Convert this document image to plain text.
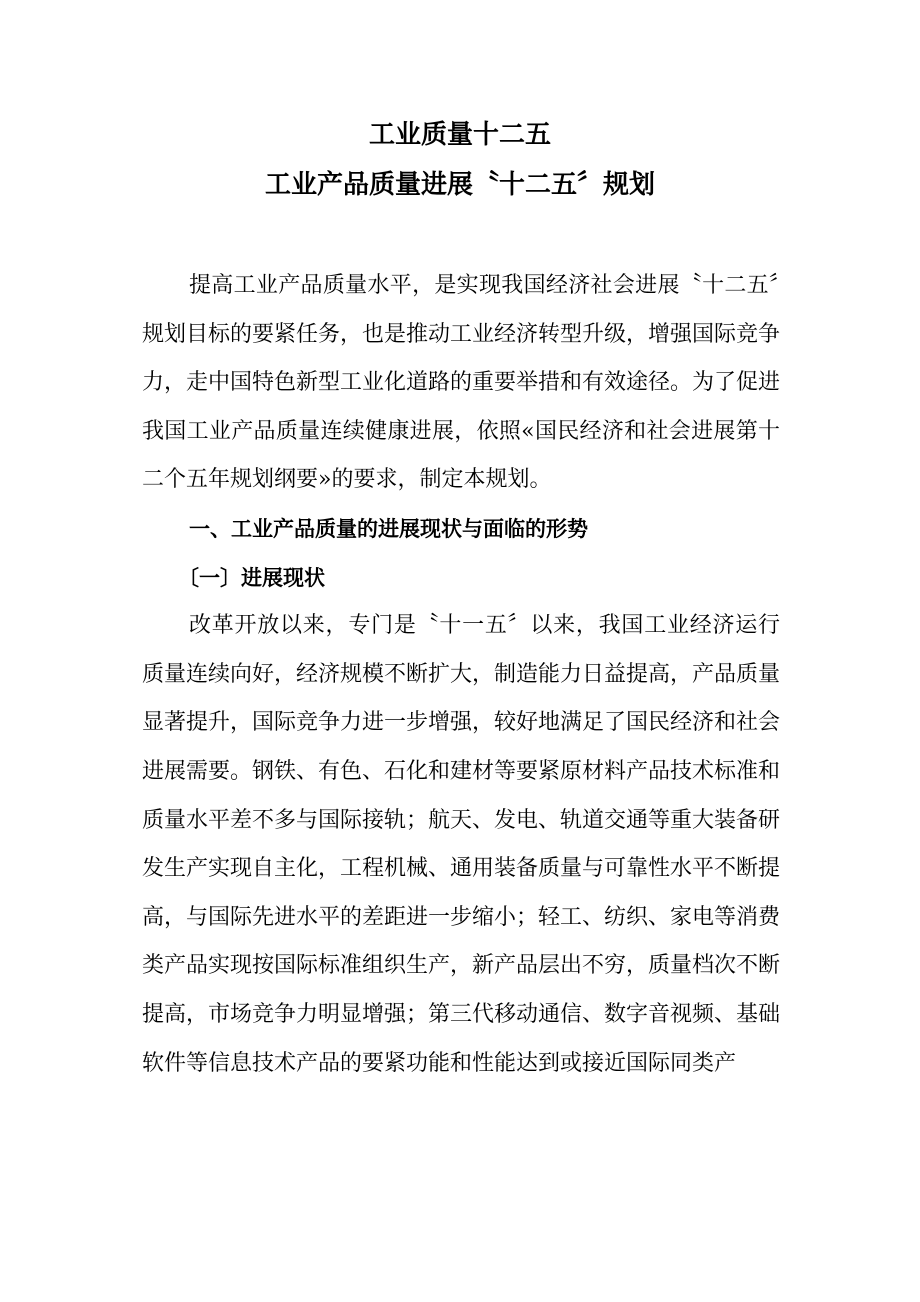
工业质量十二五
工业产品质量进展〝十二五〞规划

提高工业产品质量水平，是实现我国经济社会进展〝十二五〞规划目标的要紧任务，也是推动工业经济转型升级，增强国际竞争力，走中国特色新型工业化道路的重要举措和有效途径。为了促进我国工业产品质量连续健康进展，依照«国民经济和社会进展第十二个五年规划纲要»的要求，制定本规划。

一、工业产品质量的进展现状与面临的形势

〔一〕进展现状

改革开放以来，专门是〝十一五〞以来，我国工业经济运行质量连续向好，经济规模不断扩大，制造能力日益提高，产品质量显著提升，国际竞争力进一步增强，较好地满足了国民经济和社会进展需要。钢铁、有色、石化和建材等要紧原材料产品技术标准和质量水平差不多与国际接轨；航天、发电、轨道交通等重大装备研发生产实现自主化，工程机械、通用装备质量与可靠性水平不断提高，与国际先进水平的差距进一步缩小；轻工、纺织、家电等消费类产品实现按国际标准组织生产，新产品层出不穷，质量档次不断提高，市场竞争力明显增强；第三代移动通信、数字音视频、基础软件等信息技术产品的要紧功能和性能达到或接近国际同类产
